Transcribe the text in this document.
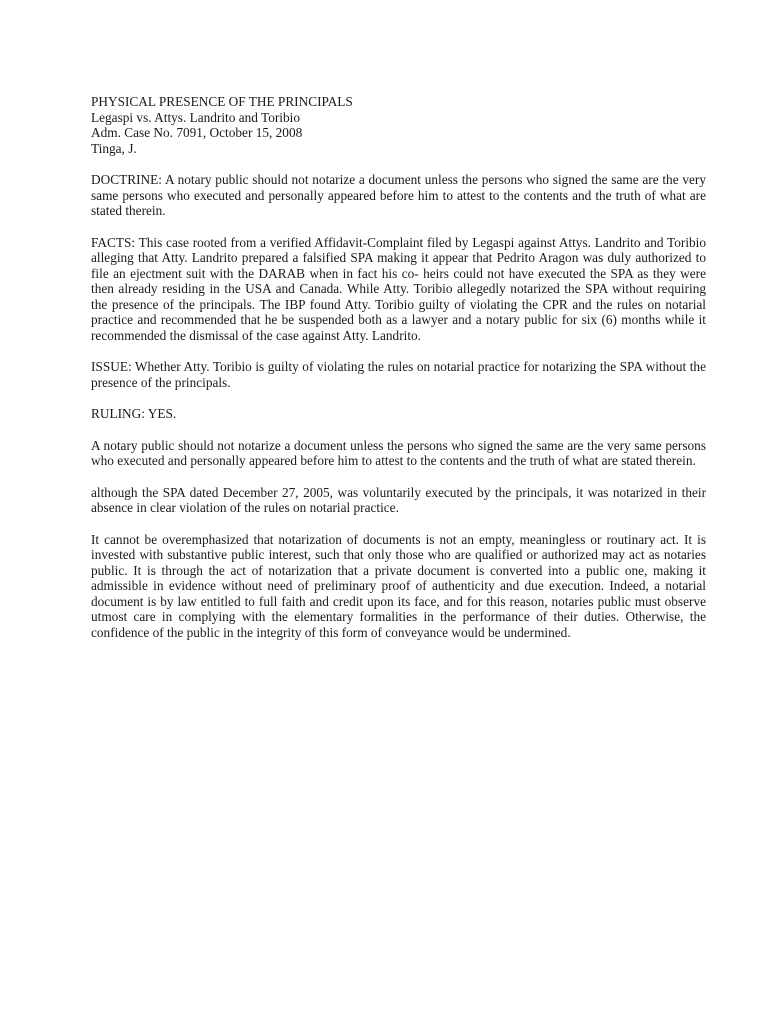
PHYSICAL PRESENCE OF THE PRINCIPALS

Legaspi vs. Attys. Landrito and Toribio

Adm. Case No. 7091, October 15, 2008

Tinga, J.

DOCTRINE: A notary public should not notarize a document unless the persons who signed the same are the very same persons who executed and personally appeared before him to attest to the contents and the truth of what are stated therein.

FACTS: This case rooted from a verified Affidavit-Complaint filed by Legaspi against Attys. Landrito and Toribio alleging that Atty. Landrito prepared a falsified SPA making it appear that Pedrito Aragon was duly authorized to file an ejectment suit with the DARAB when in fact his co- heirs could not have executed the SPA as they were then already residing in the USA and Canada. While Atty. Toribio allegedly notarized the SPA without requiring the presence of the principals. The IBP found Atty. Toribio guilty of violating the CPR and the rules on notarial practice and recommended that he be suspended both as a lawyer and a notary public for six (6) months while it recommended the dismissal of the case against Atty. Landrito.

ISSUE: Whether Atty. Toribio is guilty of violating the rules on notarial practice for notarizing the SPA without the presence of the principals.

RULING: YES.

A notary public should not notarize a document unless the persons who signed the same are the very same persons who executed and personally appeared before him to attest to the contents and the truth of what are stated therein.

although the SPA dated December 27, 2005, was voluntarily executed by the principals, it was notarized in their absence in clear violation of the rules on notarial practice.

It cannot be overemphasized that notarization of documents is not an empty, meaningless or routinary act. It is invested with substantive public interest, such that only those who are qualified or authorized may act as notaries public. It is through the act of notarization that a private document is converted into a public one, making it admissible in evidence without need of preliminary proof of authenticity and due execution. Indeed, a notarial document is by law entitled to full faith and credit upon its face, and for this reason, notaries public must observe utmost care in complying with the elementary formalities in the performance of their duties. Otherwise, the confidence of the public in the integrity of this form of conveyance would be undermined.
